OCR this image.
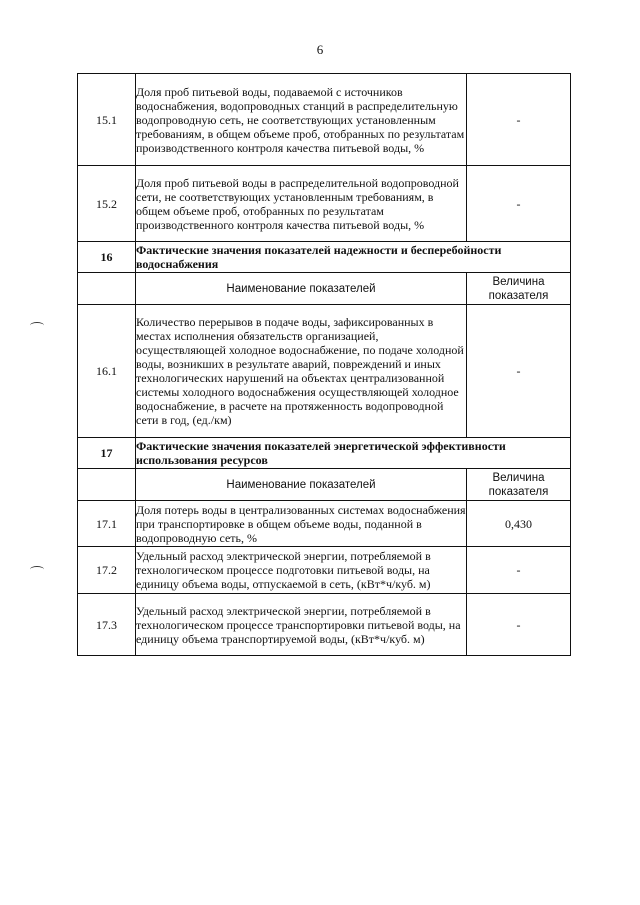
6
15.1	Доля проб питьевой воды, подаваемой с источников водоснабжения, водопроводных станций в распределительную водопроводную сеть, не соответствующих установленным требованиям, в общем объеме проб, отобранных по результатам производственного контроля качества питьевой воды, %	-
15.2	Доля проб питьевой воды в распределительной водопроводной сети, не соответствующих установленным требованиям, в общем объеме проб, отобранных по результатам производственного контроля качества питьевой воды, %	-
16	Фактические значения показателей надежности и бесперебойности водоснабжения	
	Наименование показателей	Величина показателя
16.1	Количество перерывов в подаче воды, зафиксированных в местах исполнения обязательств организацией, осуществляющей холодное водоснабжение, по подаче холодной воды, возникших в результате аварий, повреждений и иных технологических нарушений на объектах централизованной системы холодного водоснабжения осуществляющей холодное водоснабжение, в расчете на протяженность водопроводной сети в год, (ед./км)	-
17	Фактические значения показателей энергетической эффективности использования ресурсов	
	Наименование показателей	Величина показателя
17.1	Доля потерь воды в централизованных системах водоснабжения при транспортировке в общем объеме воды, поданной в водопроводную сеть, %	0,430
17.2	Удельный расход электрической энергии, потребляемой в технологическом процессе подготовки питьевой воды, на единицу объема воды, отпускаемой в сеть, (кВт*ч/куб. м)	-
17.3	Удельный расход электрической энергии, потребляемой в технологическом процессе транспортировки питьевой воды, на единицу объема транспортируемой воды, (кВт*ч/куб. м)	-
